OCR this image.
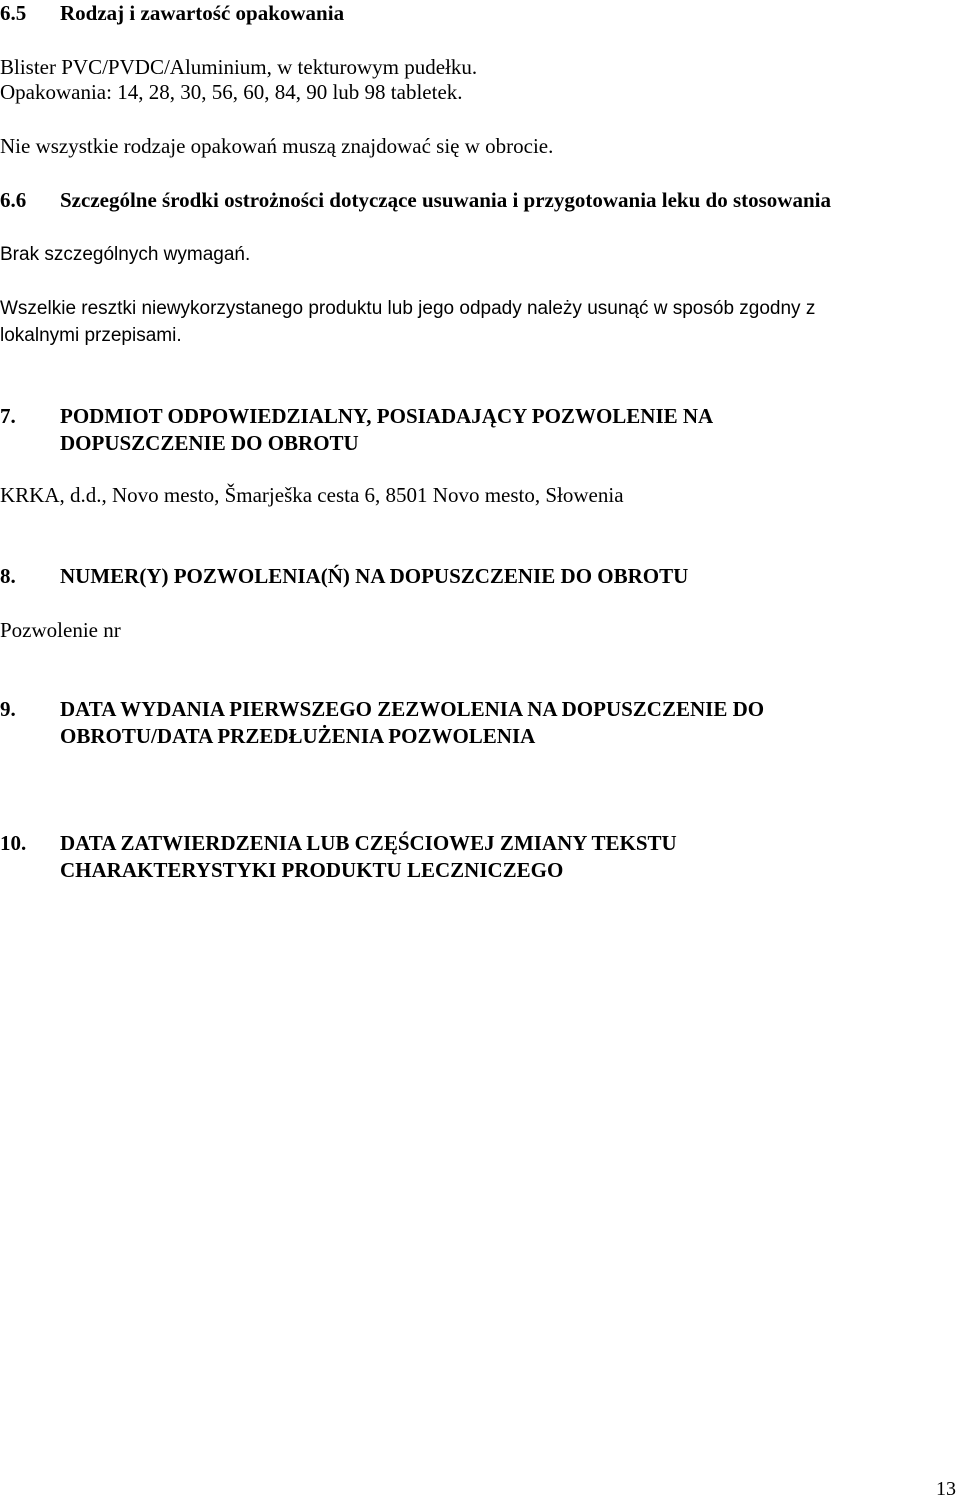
6.5 Rodzaj i zawartość opakowania
Blister PVC/PVDC/Aluminium, w tekturowym pudełku.
Opakowania: 14, 28, 30, 56, 60, 84, 90 lub 98 tabletek.
Nie wszystkie rodzaje opakowań muszą znajdować się w obrocie.
6.6 Szczególne środki ostrożności dotyczące usuwania i przygotowania leku do stosowania
Brak szczególnych wymagań.
Wszelkie resztki niewykorzystanego produktu lub jego odpady należy usunąć w sposób zgodny z
lokalnymi przepisami.
7. PODMIOT ODPOWIEDZIALNY, POSIADAJĄCY POZWOLENIE NA
DOPUSZCZENIE DO OBROTU
KRKA, d.d., Novo mesto, Šmarješka cesta 6, 8501 Novo mesto, Słowenia
8. NUMER(Y) POZWOLENIA(Ń) NA DOPUSZCZENIE DO OBROTU
Pozwolenie nr
9. DATA WYDANIA PIERWSZEGO ZEZWOLENIA NA DOPUSZCZENIE DO
OBROTU/DATA PRZEDŁUŻENIA POZWOLENIA
10. DATA ZATWIERDZENIA LUB CZĘŚCIOWEJ ZMIANY TEKSTU
CHARAKTERYSTYKI PRODUKTU LECZNICZEGO
13
